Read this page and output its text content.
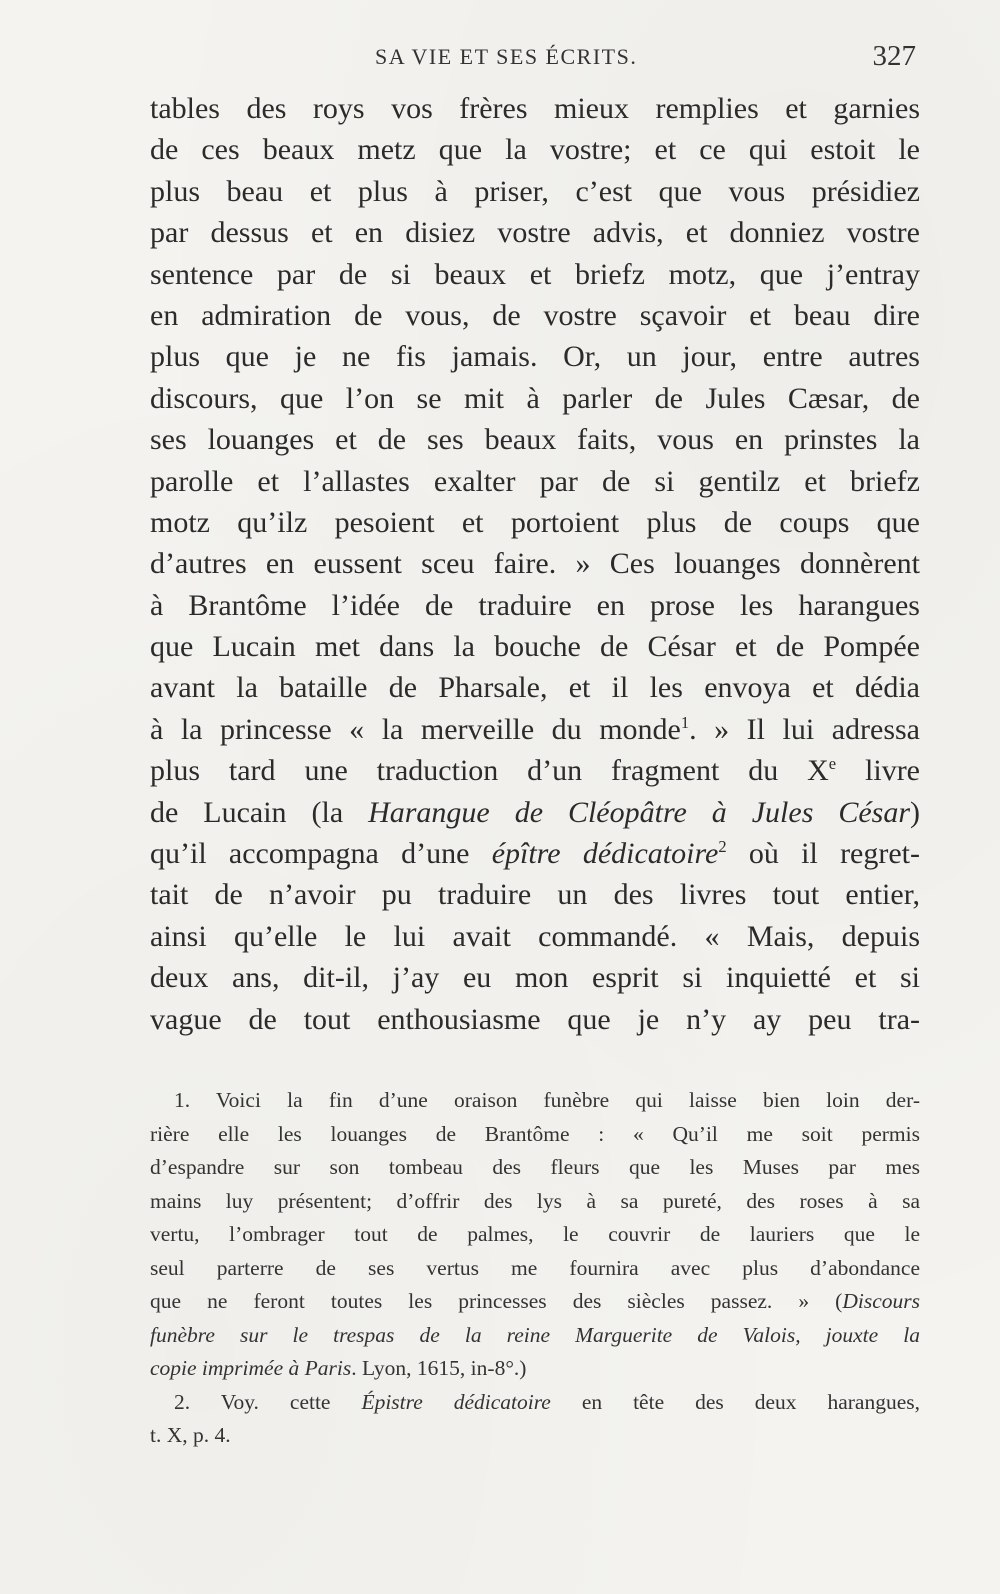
SA VIE ET SES ÉCRITS.	327
tables des roys vos frères mieux remplies et garnies
de ces beaux metz que la vostre; et ce qui estoit le
plus beau et plus à priser, c’est que vous présidiez
par dessus et en disiez vostre advis, et donniez vostre
sentence par de si beaux et briefz motz, que j’entray
en admiration de vous, de vostre sçavoir et beau dire
plus que je ne fis jamais. Or, un jour, entre autres
discours, que l’on se mit à parler de Jules Cæsar, de
ses louanges et de ses beaux faits, vous en prinstes la
parolle et l’allastes exalter par de si gentilz et briefz
motz qu’ilz pesoient et portoient plus de coups que
d’autres en eussent sceu faire. » Ces louanges donnèrent
à Brantôme l’idée de traduire en prose les harangues
que Lucain met dans la bouche de César et de Pompée
avant la bataille de Pharsale, et il les envoya et dédia
à la princesse « la merveille du monde$^1$. » Il lui adressa
plus tard une traduction d’un fragment du Xe livre
de Lucain (la Harangue de Cléopâtre à Jules César)
qu’il accompagna d’une épître dédicatoire$^2$ où il regret-
tait de n’avoir pu traduire un des livres tout entier,
ainsi qu’elle le lui avait commandé. « Mais, depuis
deux ans, dit-il, j’ay eu mon esprit si inquietté et si
vague de tout enthousiasme que je n’y ay peu tra-
1. Voici la fin d’une oraison funèbre qui laisse bien loin der-
rière elle les louanges de Brantôme : « Qu’il me soit permis
d’espandre sur son tombeau des fleurs que les Muses par mes
mains luy présentent; d’offrir des lys à sa pureté, des roses à sa
vertu, l’ombrager tout de palmes, le couvrir de lauriers que le
seul parterre de ses vertus me fournira avec plus d’abondance
que ne feront toutes les princesses des siècles passez. » (Discours
funèbre sur le trespas de la reine Marguerite de Valois, jouxte la
copie imprimée à Paris. Lyon, 1615, in-8°.)
2. Voy. cette Épistre dédicatoire en tête des deux harangues,
t. X, p. 4.
